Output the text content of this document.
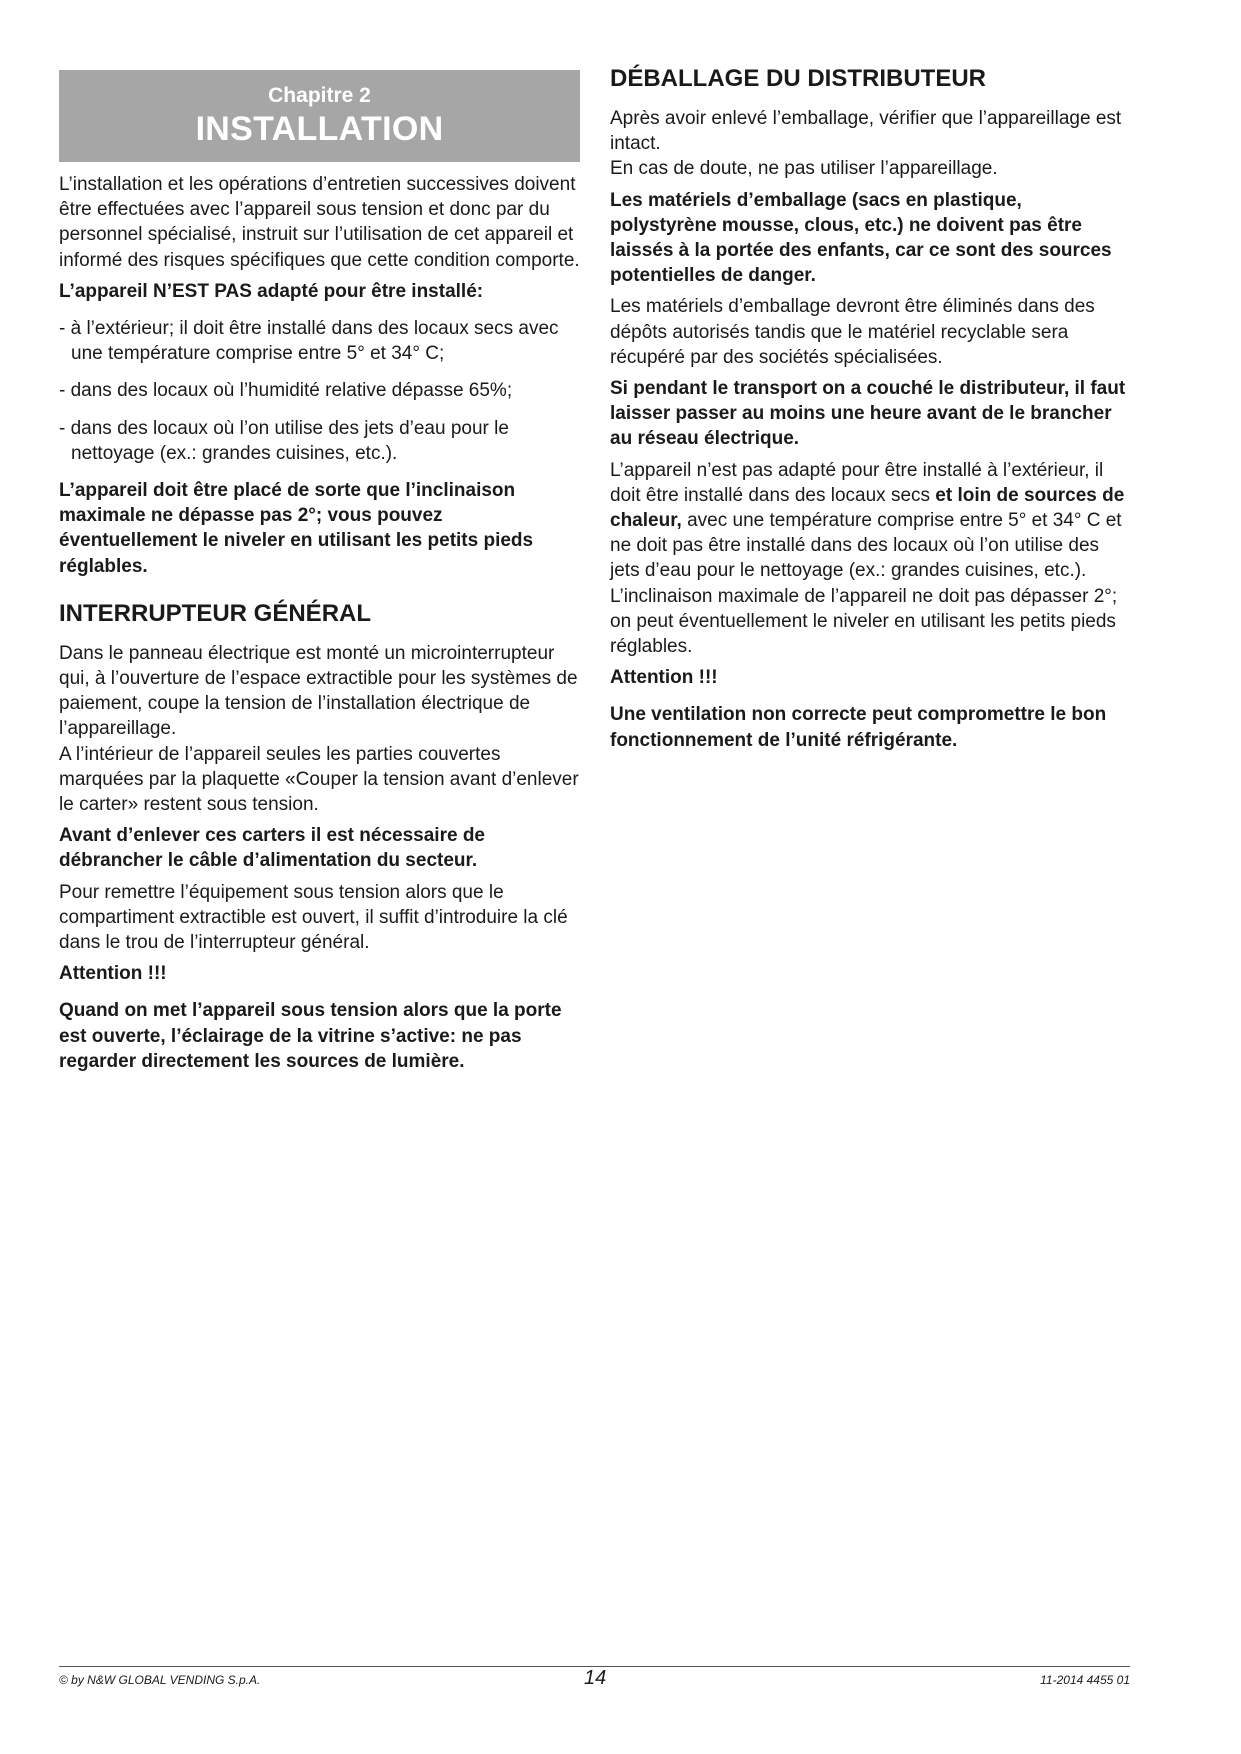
Chapitre 2
INSTALLATION

L’installation et les opérations d’entretien successives doivent être effectuées avec l’appareil sous tension et donc par du personnel spécialisé, instruit sur l’utilisation de cet appareil et informé des risques spécifiques que cette condition comporte.

L’appareil N’EST PAS adapté pour être installé:

- à l’extérieur; il doit être installé dans des locaux secs avec une température comprise entre 5° et 34° C;
- dans des locaux où l’humidité relative dépasse 65%;
- dans des locaux où l’on utilise des jets d’eau pour le nettoyage (ex.: grandes cuisines, etc.).

L’appareil doit être placé de sorte que l’inclinaison maximale ne dépasse pas 2°; vous pouvez éventuellement le niveler en utilisant les petits pieds réglables.

INTERRUPTEUR GÉNÉRAL

Dans le panneau électrique est monté un microinterrupteur qui, à l’ouverture de l’espace extractible pour les systèmes de paiement, coupe la tension de l’installation électrique de l’appareillage.

A l’intérieur de l’appareil seules les parties couvertes marquées par la plaquette «Couper la tension avant d’enlever le carter» restent sous tension.

Avant d’enlever ces carters il est nécessaire de débrancher le câble d’alimentation du secteur.

Pour remettre l’équipement sous tension alors que le compartiment extractible est ouvert, il suffit d’introduire la clé dans le trou de l’interrupteur général.

Attention !!!

Quand on met l’appareil sous tension alors que la porte est ouverte, l’éclairage de la vitrine s’active: ne pas regarder directement les sources de lumière.

DÉBALLAGE DU DISTRIBUTEUR

Après avoir enlevé l’emballage, vérifier que l’appareillage est intact.

En cas de doute, ne pas utiliser l’appareillage.

Les matériels d’emballage (sacs en plastique, polystyrène mousse, clous, etc.) ne doivent pas être laissés à la portée des enfants, car ce sont des sources potentielles de danger.

Les matériels d’emballage devront être éliminés dans des dépôts autorisés tandis que le matériel recyclable sera récupéré par des sociétés spécialisées.

Si pendant le transport on a couché le distributeur, il faut laisser passer au moins une heure avant de le brancher au réseau électrique.

L’appareil n’est pas adapté pour être installé à l’extérieur, il doit être installé dans des locaux secs et loin de sources de chaleur, avec une température comprise entre 5° et 34° C et ne doit pas être installé dans des locaux où l’on utilise des jets d’eau pour le nettoyage (ex.: grandes cuisines, etc.).

L’inclinaison maximale de l’appareil ne doit pas dépasser 2°; on peut éventuellement le niveler en utilisant les petits pieds réglables.

Attention !!!

Une ventilation non correcte peut compromettre le bon fonctionnement de l’unité réfrigérante.

© by N&W GLOBAL VENDING S.p.A.	14	11-2014 4455 01
